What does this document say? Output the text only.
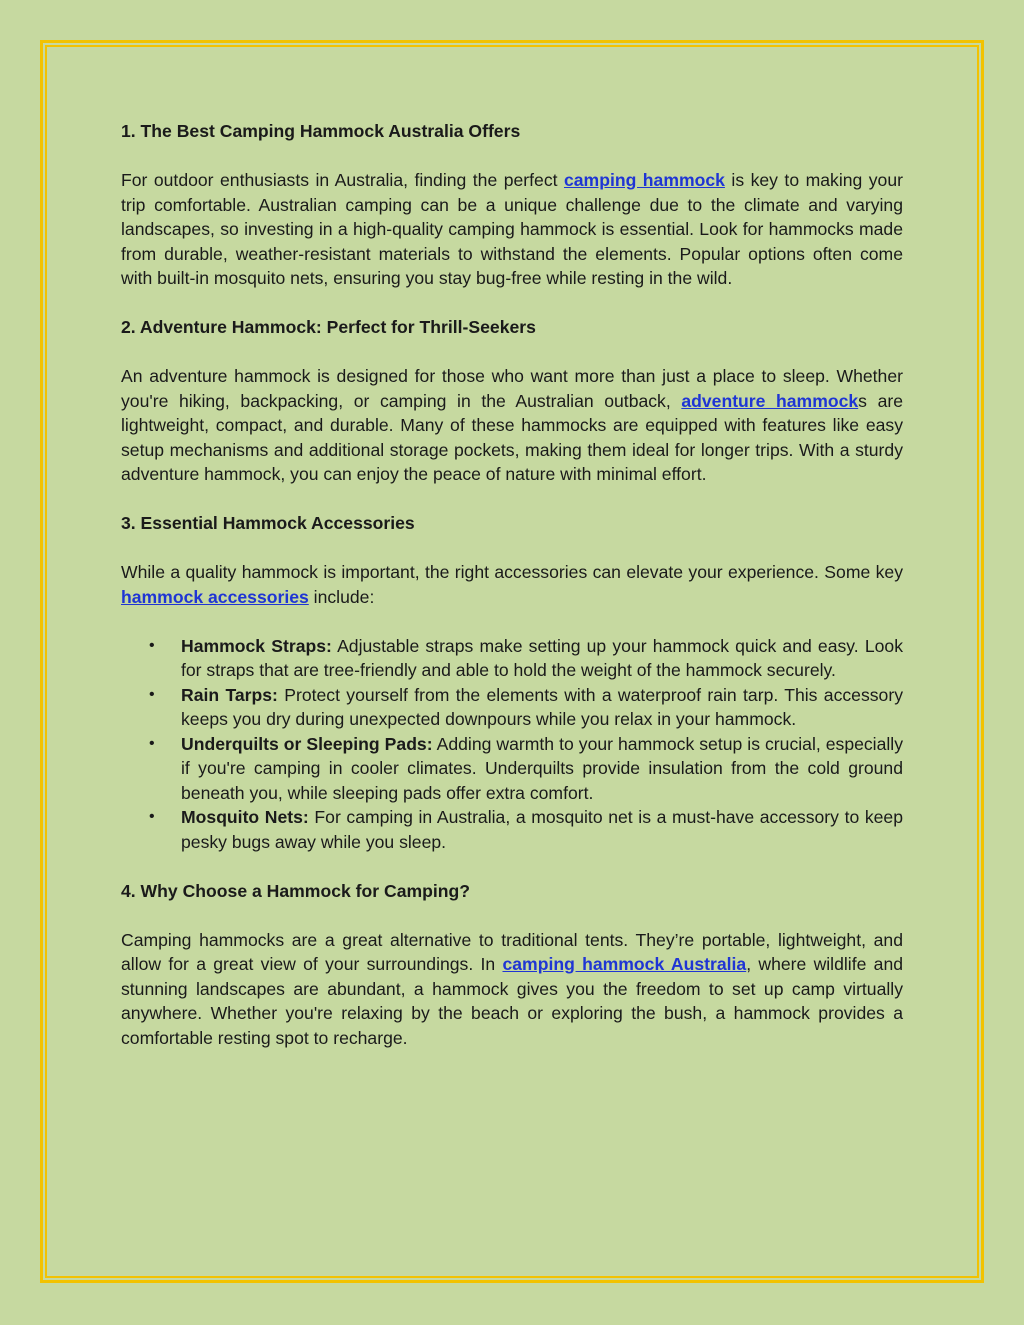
1. The Best Camping Hammock Australia Offers

For outdoor enthusiasts in Australia, finding the perfect camping hammock is key to making your trip comfortable. Australian camping can be a unique challenge due to the climate and varying landscapes, so investing in a high-quality camping hammock is essential. Look for hammocks made from durable, weather-resistant materials to withstand the elements. Popular options often come with built-in mosquito nets, ensuring you stay bug-free while resting in the wild.

2. Adventure Hammock: Perfect for Thrill-Seekers

An adventure hammock is designed for those who want more than just a place to sleep. Whether you're hiking, backpacking, or camping in the Australian outback, adventure hammocks are lightweight, compact, and durable. Many of these hammocks are equipped with features like easy setup mechanisms and additional storage pockets, making them ideal for longer trips. With a sturdy adventure hammock, you can enjoy the peace of nature with minimal effort.

3. Essential Hammock Accessories

While a quality hammock is important, the right accessories can elevate your experience. Some key hammock accessories include:

• Hammock Straps: Adjustable straps make setting up your hammock quick and easy. Look for straps that are tree-friendly and able to hold the weight of the hammock securely.
• Rain Tarps: Protect yourself from the elements with a waterproof rain tarp. This accessory keeps you dry during unexpected downpours while you relax in your hammock.
• Underquilts or Sleeping Pads: Adding warmth to your hammock setup is crucial, especially if you're camping in cooler climates. Underquilts provide insulation from the cold ground beneath you, while sleeping pads offer extra comfort.
• Mosquito Nets: For camping in Australia, a mosquito net is a must-have accessory to keep pesky bugs away while you sleep.
4. Why Choose a Hammock for Camping?

Camping hammocks are a great alternative to traditional tents. They’re portable, lightweight, and allow for a great view of your surroundings. In camping hammock Australia, where wildlife and stunning landscapes are abundant, a hammock gives you the freedom to set up camp virtually anywhere. Whether you're relaxing by the beach or exploring the bush, a hammock provides a comfortable resting spot to recharge.
